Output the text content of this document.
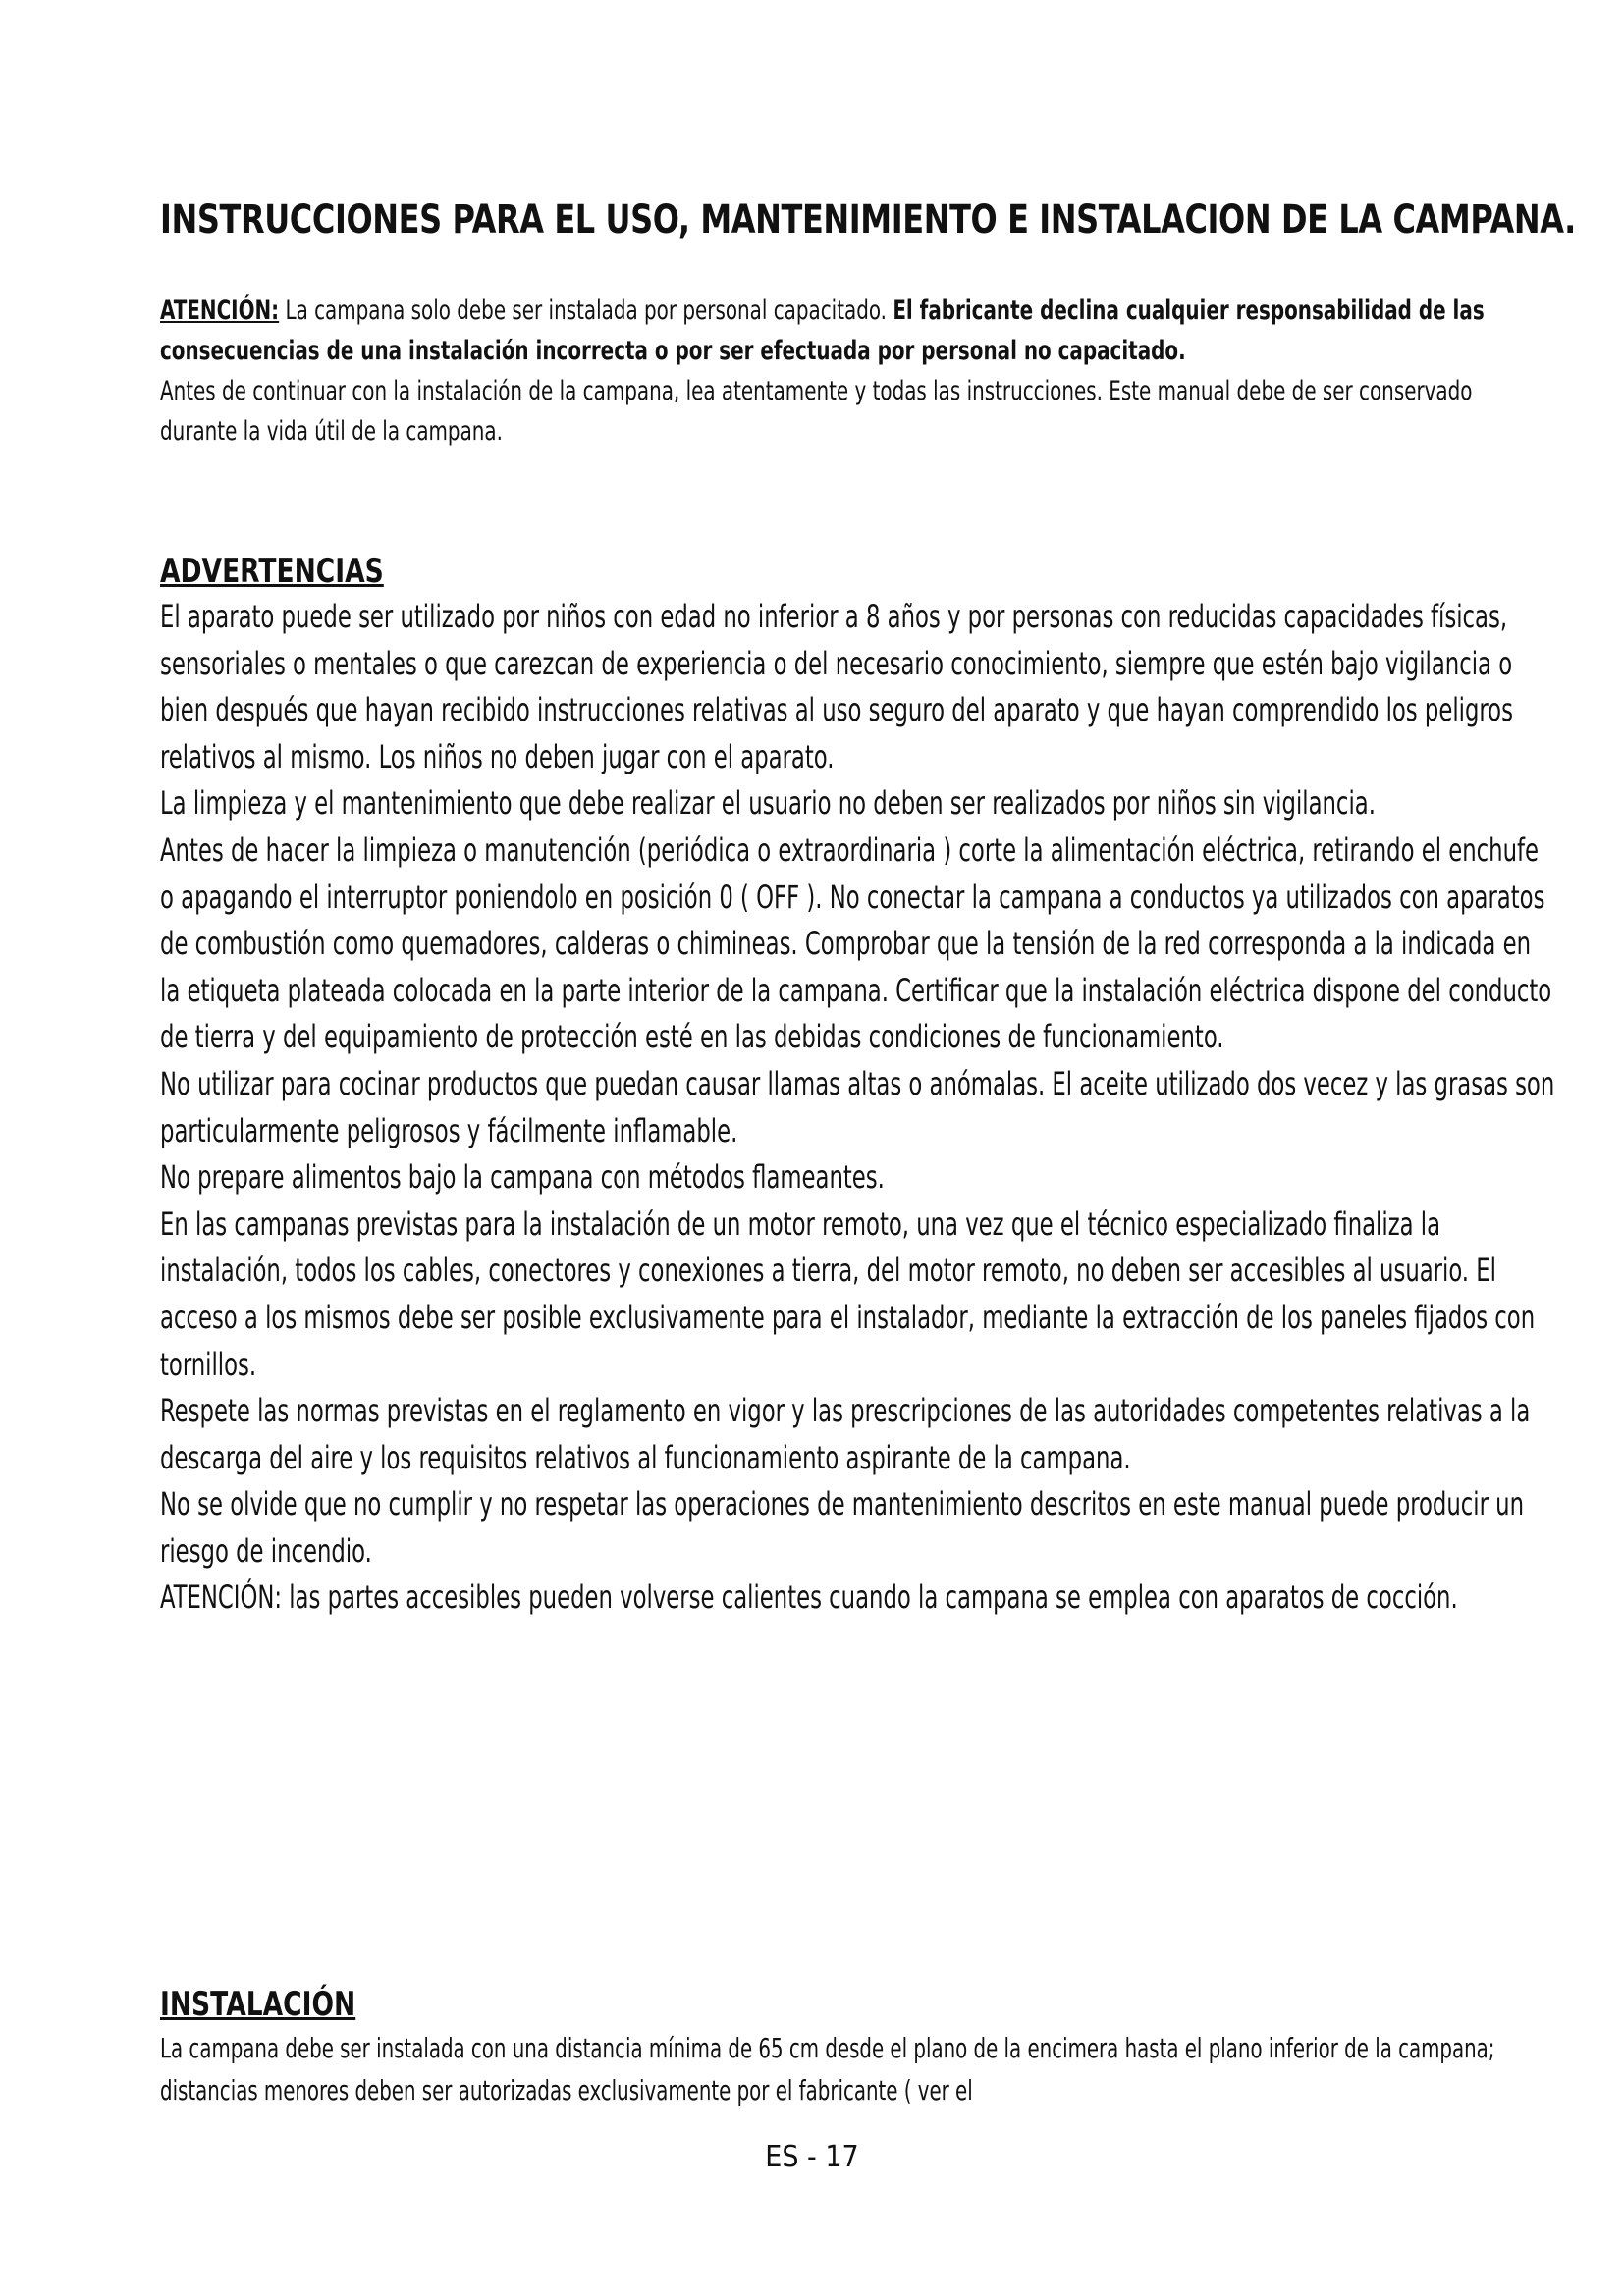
INSTRUCCIONES PARA EL USO, MANTENIMIENTO E INSTALACION DE LA CAMPANA.

ATENCIÓN: La campana solo debe ser instalada por personal capacitado. El fabricante declina cualquier responsabilidad de las consecuencias de una instalación incorrecta o por ser efectuada por personal no capacitado.

Antes de continuar con la instalación de la campana, lea atentamente y todas las instrucciones. Este manual debe de ser conservado durante la vida útil de la campana.

ADVERTENCIAS

El aparato puede ser utilizado por niños con edad no inferior a 8 años y por personas con reducidas capacidades físicas, sensoriales o mentales o que carezcan de experiencia o del necesario conocimiento, siempre que estén bajo vigilancia o bien después que hayan recibido instrucciones relativas al uso seguro del aparato y que hayan comprendido los peligros relativos al mismo. Los niños no deben jugar con el aparato.

La limpieza y el mantenimiento que debe realizar el usuario no deben ser realizados por niños sin vigilancia.

Antes de hacer la limpieza o manutención (periódica o extraordinaria ) corte la alimentación eléctrica, retirando el enchufe o apagando el interruptor poniendolo en posición 0 ( OFF ). No conectar la campana a conductos ya utilizados con aparatos de combustión como quemadores, calderas o chimineas. Comprobar que la tensión de la red corresponda a la indicada en la etiqueta plateada colocada en la parte interior de la campana. Certificar que la instalación eléctrica dispone del conducto de tierra y del equipamiento de protección esté en las debidas condiciones de funcionamiento.

No utilizar para cocinar productos que puedan causar llamas altas o anómalas. El aceite utilizado dos vecez y las grasas son particularmente peligrosos y fácilmente inflamable.

No prepare alimentos bajo la campana con métodos flameantes.

En las campanas previstas para la instalación de un motor remoto, una vez que el técnico especializado finaliza la instalación, todos los cables, conectores y conexiones a tierra, del motor remoto, no deben ser accesibles al usuario. El acceso a los mismos debe ser posible exclusivamente para el instalador, mediante la extracción de los paneles fijados con tornillos.

Respete las normas previstas en el reglamento en vigor y las prescripciones de las autoridades competentes relativas a la descarga del aire y los requisitos relativos al funcionamiento aspirante de la campana.

No se olvide que no cumplir y no respetar las operaciones de mantenimiento descritos en este manual puede producir un riesgo de incendio.

ATENCIÓN: las partes accesibles pueden volverse calientes cuando la campana se emplea con aparatos de cocción.

INSTALACIÓN

La campana debe ser instalada con una distancia mínima de 65 cm desde el plano de la encimera hasta el plano inferior de la campana; distancias menores deben ser autorizadas exclusivamente por el fabricante ( ver el

ES - 17
